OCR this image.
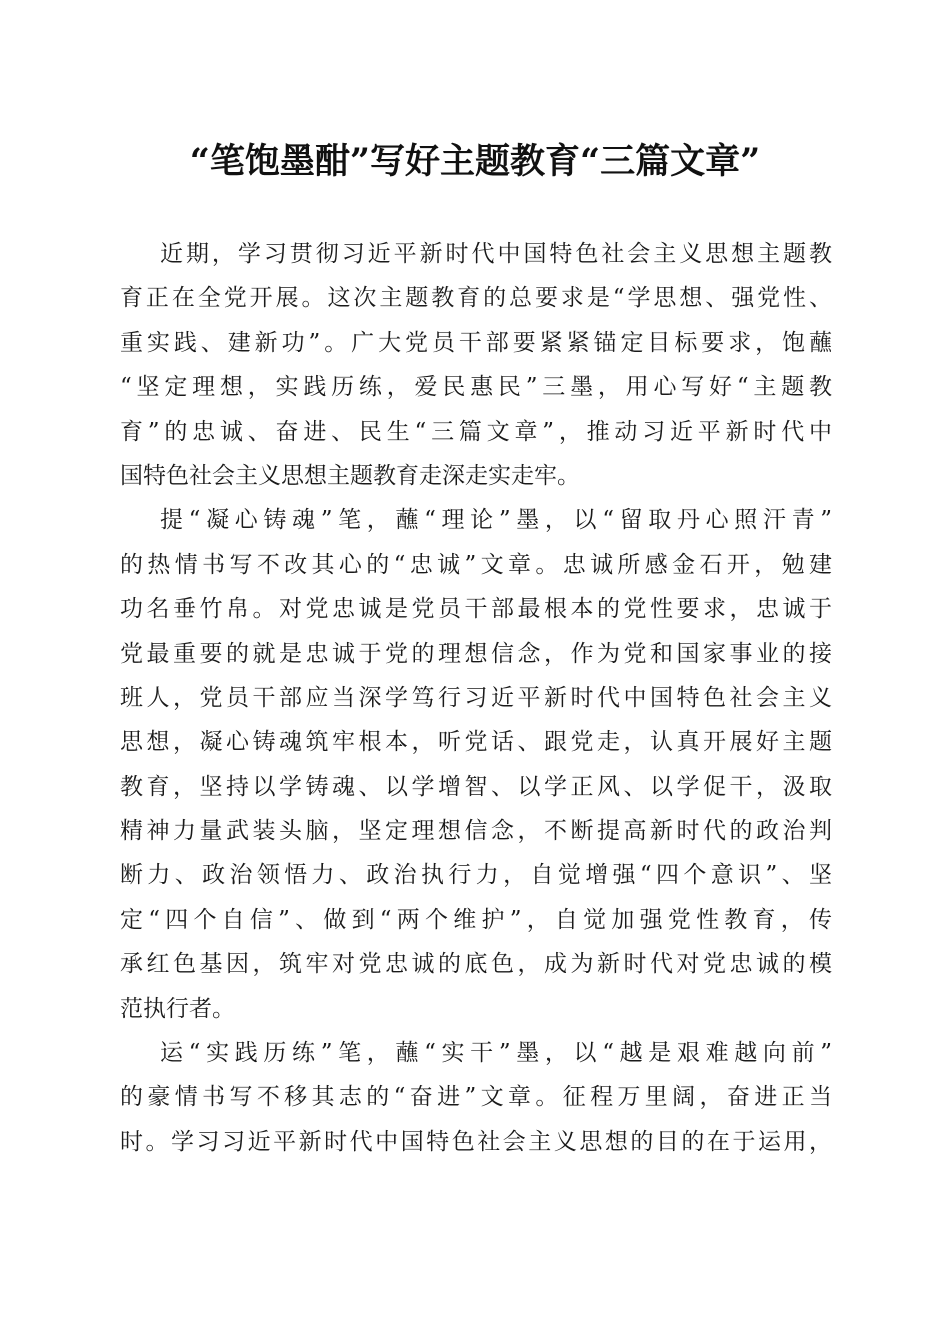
“笔饱墨酣”写好主题教育“三篇文章”
近期，学习贯彻习近平新时代中国特色社会主义思想主题教
育正在全党开展。这次主题教育的总要求是“学思想、强党性、
重实践、建新功”。广大党员干部要紧紧锚定目标要求，饱蘸
“坚定理想，实践历练，爱民惠民”三墨，用心写好“主题教
育”的忠诚、奋进、民生“三篇文章”，推动习近平新时代中
国特色社会主义思想主题教育走深走实走牢。
提“凝心铸魂”笔，蘸“理论”墨，以“留取丹心照汗青”
的热情书写不改其心的“忠诚”文章。忠诚所感金石开，勉建
功名垂竹帛。对党忠诚是党员干部最根本的党性要求，忠诚于
党最重要的就是忠诚于党的理想信念，作为党和国家事业的接
班人，党员干部应当深学笃行习近平新时代中国特色社会主义
思想，凝心铸魂筑牢根本，听党话、跟党走，认真开展好主题
教育，坚持以学铸魂、以学增智、以学正风、以学促干，汲取
精神力量武装头脑，坚定理想信念，不断提高新时代的政治判
断力、政治领悟力、政治执行力，自觉增强“四个意识”、坚
定“四个自信”、做到“两个维护”，自觉加强党性教育，传
承红色基因，筑牢对党忠诚的底色，成为新时代对党忠诚的模
范执行者。
运“实践历练”笔，蘸“实干”墨，以“越是艰难越向前”
的豪情书写不移其志的“奋进”文章。征程万里阔，奋进正当
时。学习习近平新时代中国特色社会主义思想的目的在于运用，
